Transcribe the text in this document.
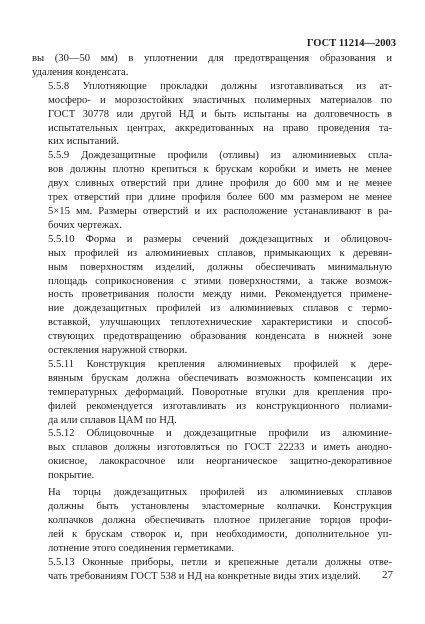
ГОСТ 11214—2003

вы (30—50 мм) в уплотнении для предотвращения образования и
удаления конденсата.

5.5.8 Уплотняющие прокладки должны изготавливаться из ат-
мосферо- и морозостойких эластичных полимерных материалов по
ГОСТ 30778 или другой НД и быть испытаны на долговечность в
испытательных центрах, аккредитованных на право проведения та-
ких испытаний.

5.5.9 Дождезащитные профили (отливы) из алюминиевых спла-
вов должны плотно крепиться к брускам коробки и иметь не менее
двух сливных отверстий при длине профиля до 600 мм и не менее
трех отверстий при длине профиля более 600 мм размером не менее
5×15 мм. Размеры отверстий и их расположение устанавливают в ра-
бочих чертежах.

5.5.10 Форма и размеры сечений дождезащитных и облицовоч-
ных профилей из алюминиевых сплавов, примыкающих к деревян-
ным поверхностям изделий, должны обеспечивать минимальную
площадь соприкосновения с этими поверхностями, а также возмож-
ность проветривания полости между ними. Рекомендуется примене-
ние дождезащитных профилей из алюминиевых сплавов с термо-
вставкой, улучшающих теплотехнические характеристики и способ-
ствующих предотвращению образования конденсата в нижней зоне
остекления наружной створки.

5.5.11 Конструкция крепления алюминиевых профилей к дере-
вянным брускам должна обеспечивать возможность компенсации их
температурных деформаций. Поворотные втулки для крепления про-
филей рекомендуется изготавливать из конструкционного полиами-
да или сплавов ЦАМ по НД.

5.5.12 Облицовочные и дождезащитные профили из алюминие-
вых сплавов должны изготовляться по ГОСТ 22233 и иметь анодно-
окисное, лакокрасочное или неорганическое защитно-декоративное
покрытие.

На торцы дождезащитных профилей из алюминиевых сплавов
должны быть установлены эластомерные колпачки. Конструкция
колпачков должна обеспечивать плотное прилегание торцов профи-
лей к брускам створок и, при необходимости, дополнительное уп-
лотнение этого соединения герметиками.

5.5.13 Оконные приборы, петли и крепежные детали должны отве-
чать требованиям ГОСТ 538 и НД на конкретные виды этих изделий.	27
